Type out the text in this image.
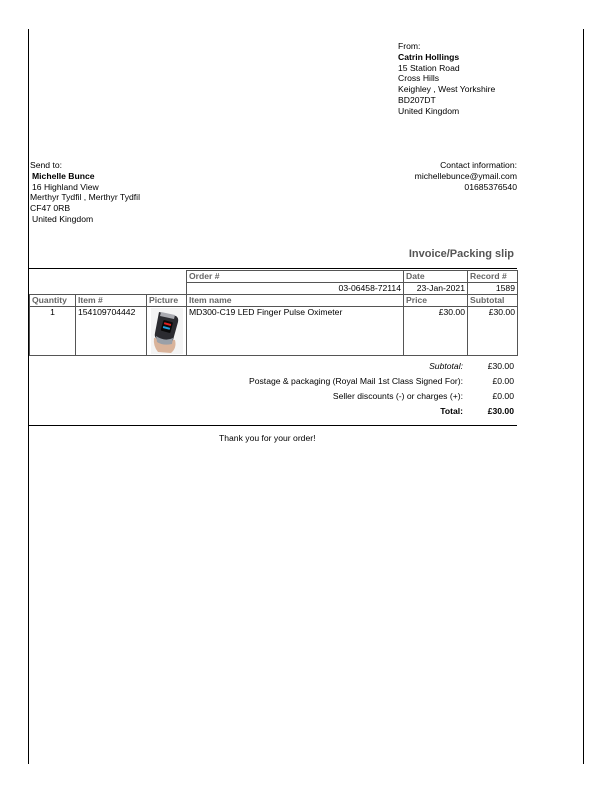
From:
Catrin Hollings
15 Station Road
Cross Hills
Keighley , West Yorkshire
BD207DT
United Kingdom
Send to:
Michelle Bunce
16 Highland View
Merthyr Tydfil , Merthyr Tydfil
CF47 0RB
United Kingdom
Contact information:
michellebunce@ymail.com
01685376540
Invoice/Packing slip
			Order #	Date	Record #
			03-06458-72114	23-Jan-2021	1589
Quantity	Item #	Picture	Item name	Price	Subtotal
1	154109704442		MD300-C19 LED Finger Pulse Oximeter	£30.00	£30.00
Subtotal:	£30.00
Postage & packaging (Royal Mail 1st Class Signed For):	£0.00
Seller discounts (-) or charges (+):	£0.00
Total:	£30.00
Thank you for your order!
